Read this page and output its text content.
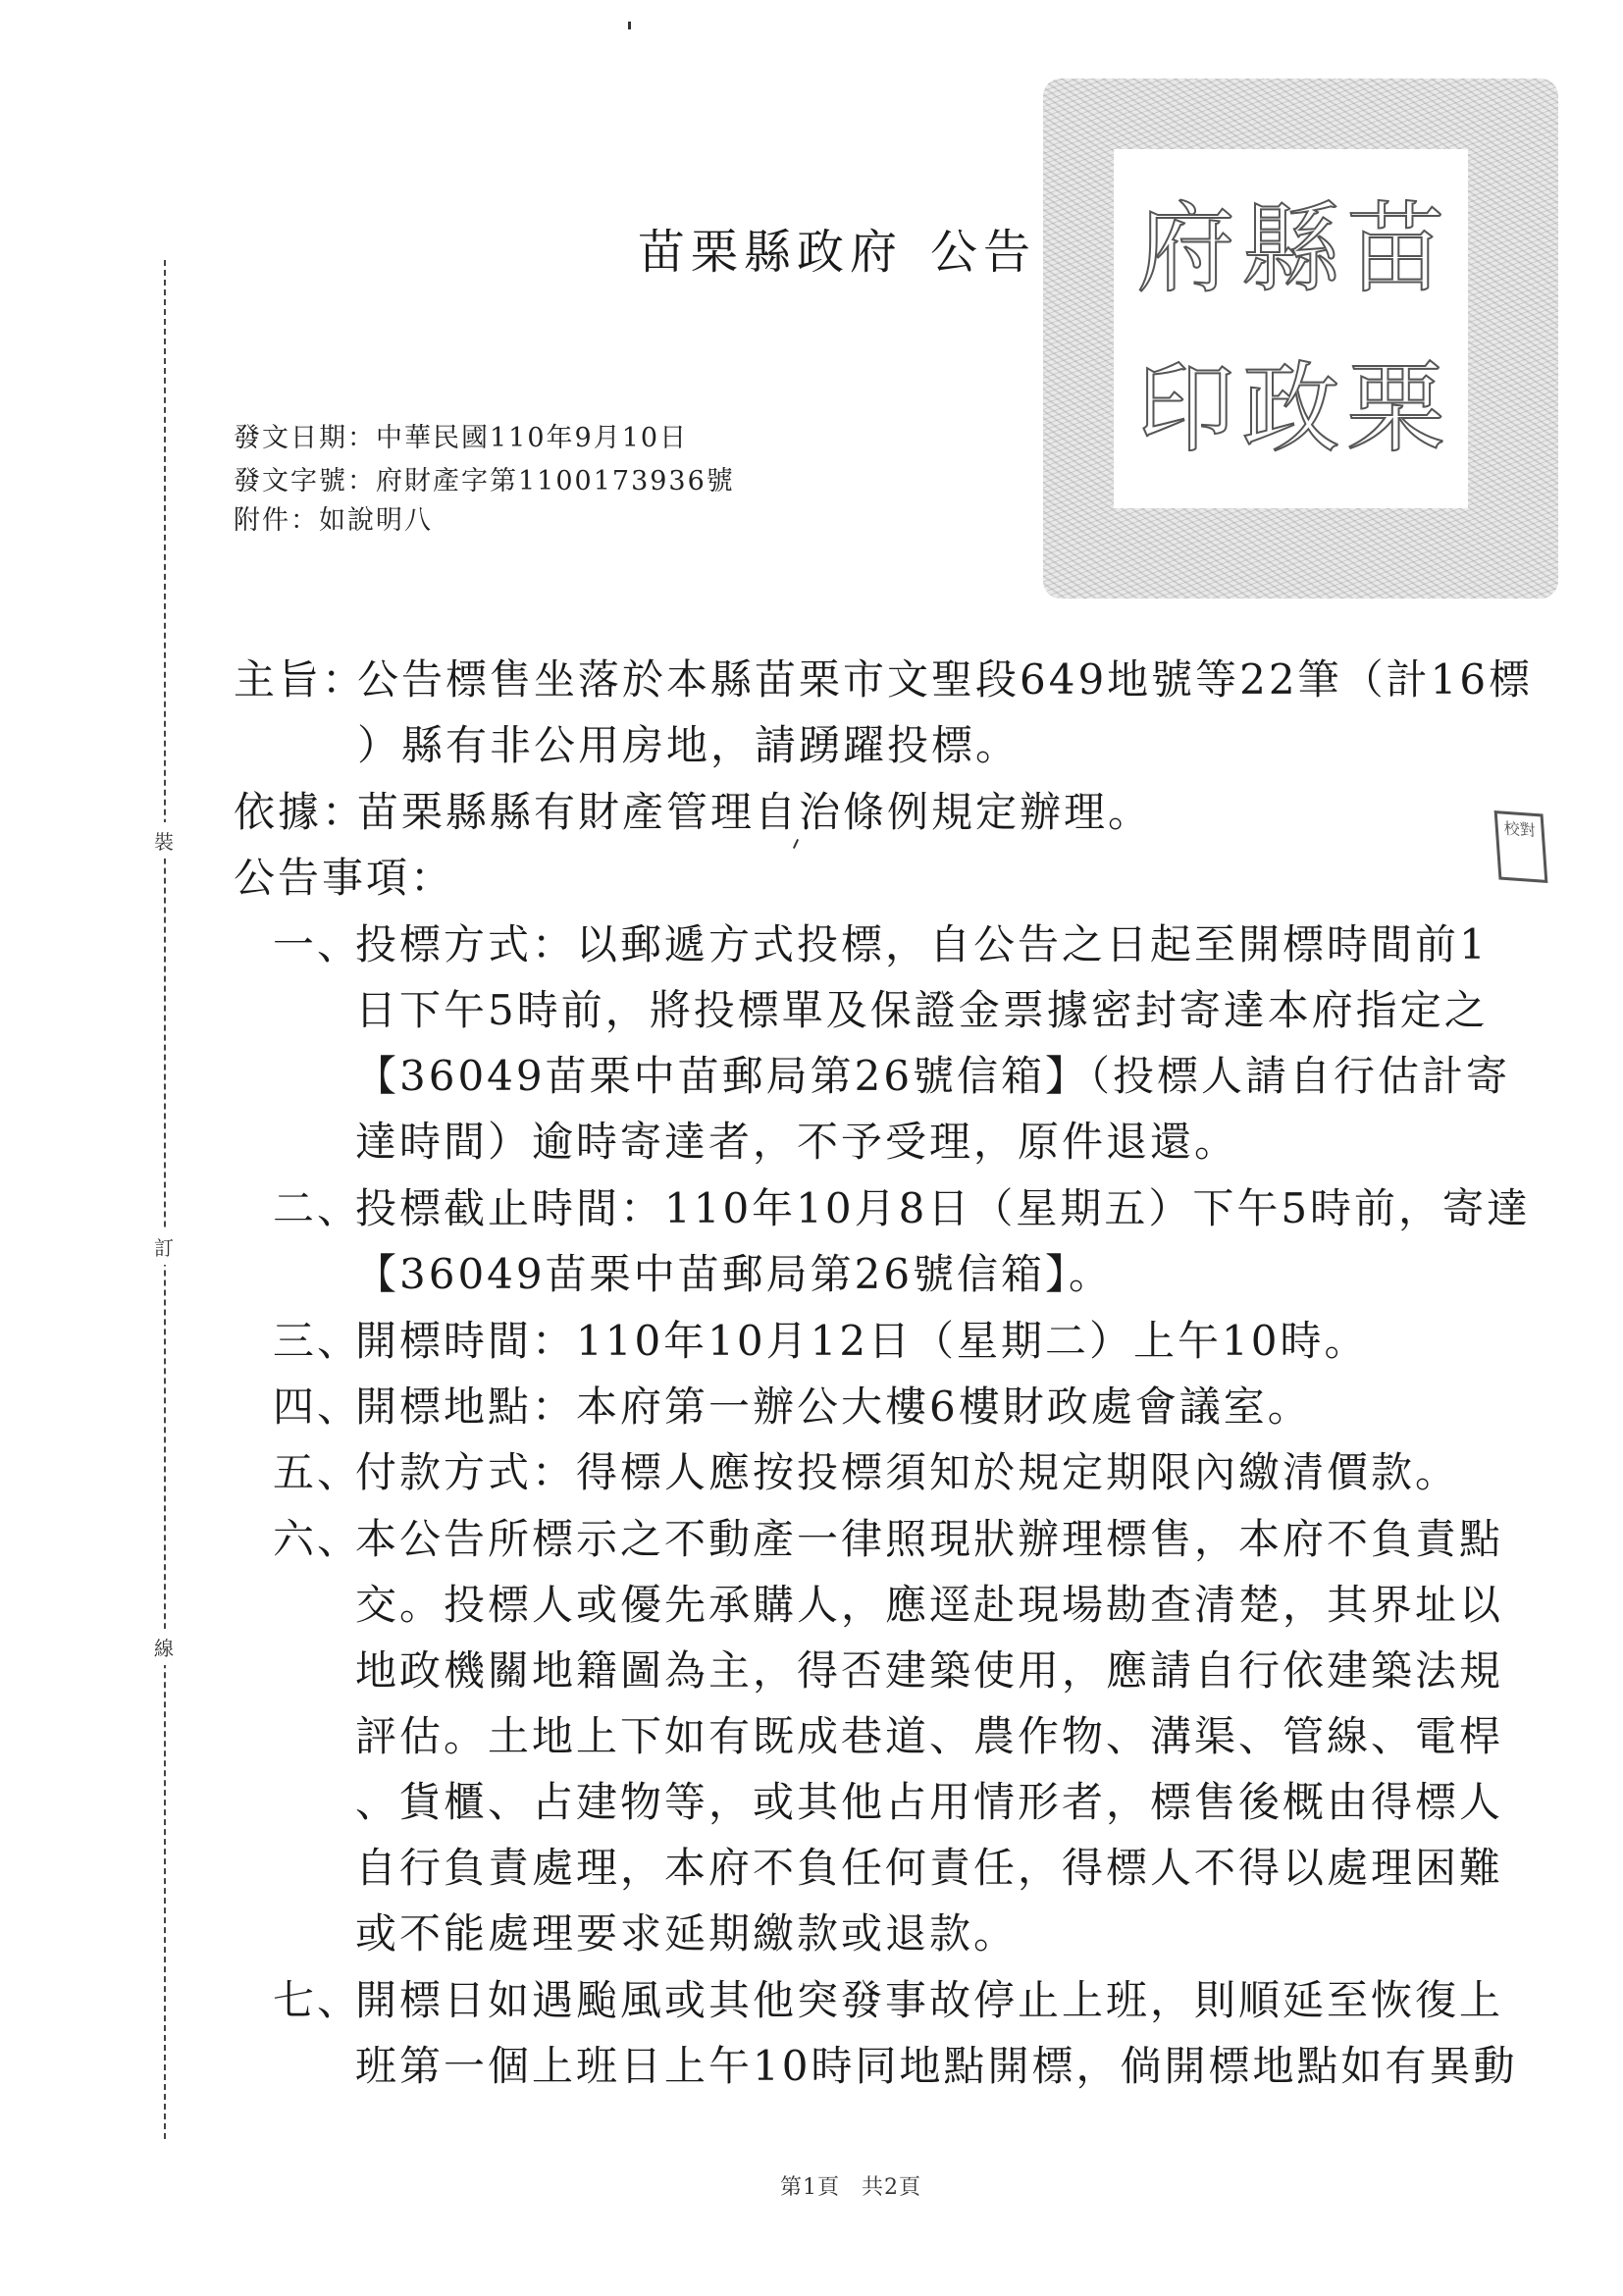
裝
訂
線
苗栗縣政府 公告 府 縣 苗
印 政 栗
校對
發文日期：中華民國110年9月10日
發文字號：府財產字第1100173936號
附件：如說明八
主旨：
公告標售坐落於本縣苗栗市文聖段649地號等22筆（計16標
）縣有非公用房地，請踴躍投標。
依據：
苗栗縣縣有財產管理自治條例規定辦理。
公告事項：
一、
投標方式：以郵遞方式投標，自公告之日起至開標時間前1
日下午5時前，將投標單及保證金票據密封寄達本府指定之
【36049苗栗中苗郵局第26號信箱】（投標人請自行估計寄
達時間）逾時寄達者，不予受理，原件退還。
二、
投標截止時間：110年10月8日（星期五）下午5時前，寄達
【36049苗栗中苗郵局第26號信箱】。
三、
開標時間：110年10月12日（星期二）上午10時。
四、
開標地點：本府第一辦公大樓6樓財政處會議室。
五、
付款方式：得標人應按投標須知於規定期限內繳清價款。
六、
本公告所標示之不動產一律照現狀辦理標售，本府不負責點
交。投標人或優先承購人，應逕赴現場勘查清楚，其界址以
地政機關地籍圖為主，得否建築使用，應請自行依建築法規
評估。土地上下如有既成巷道、農作物、溝渠、管線、電桿
、貨櫃、占建物等，或其他占用情形者，標售後概由得標人
自行負責處理，本府不負任何責任，得標人不得以處理困難
或不能處理要求延期繳款或退款。
七、
開標日如遇颱風或其他突發事故停止上班，則順延至恢復上
班第一個上班日上午10時同地點開標，倘開標地點如有異動
第1頁 共2頁
